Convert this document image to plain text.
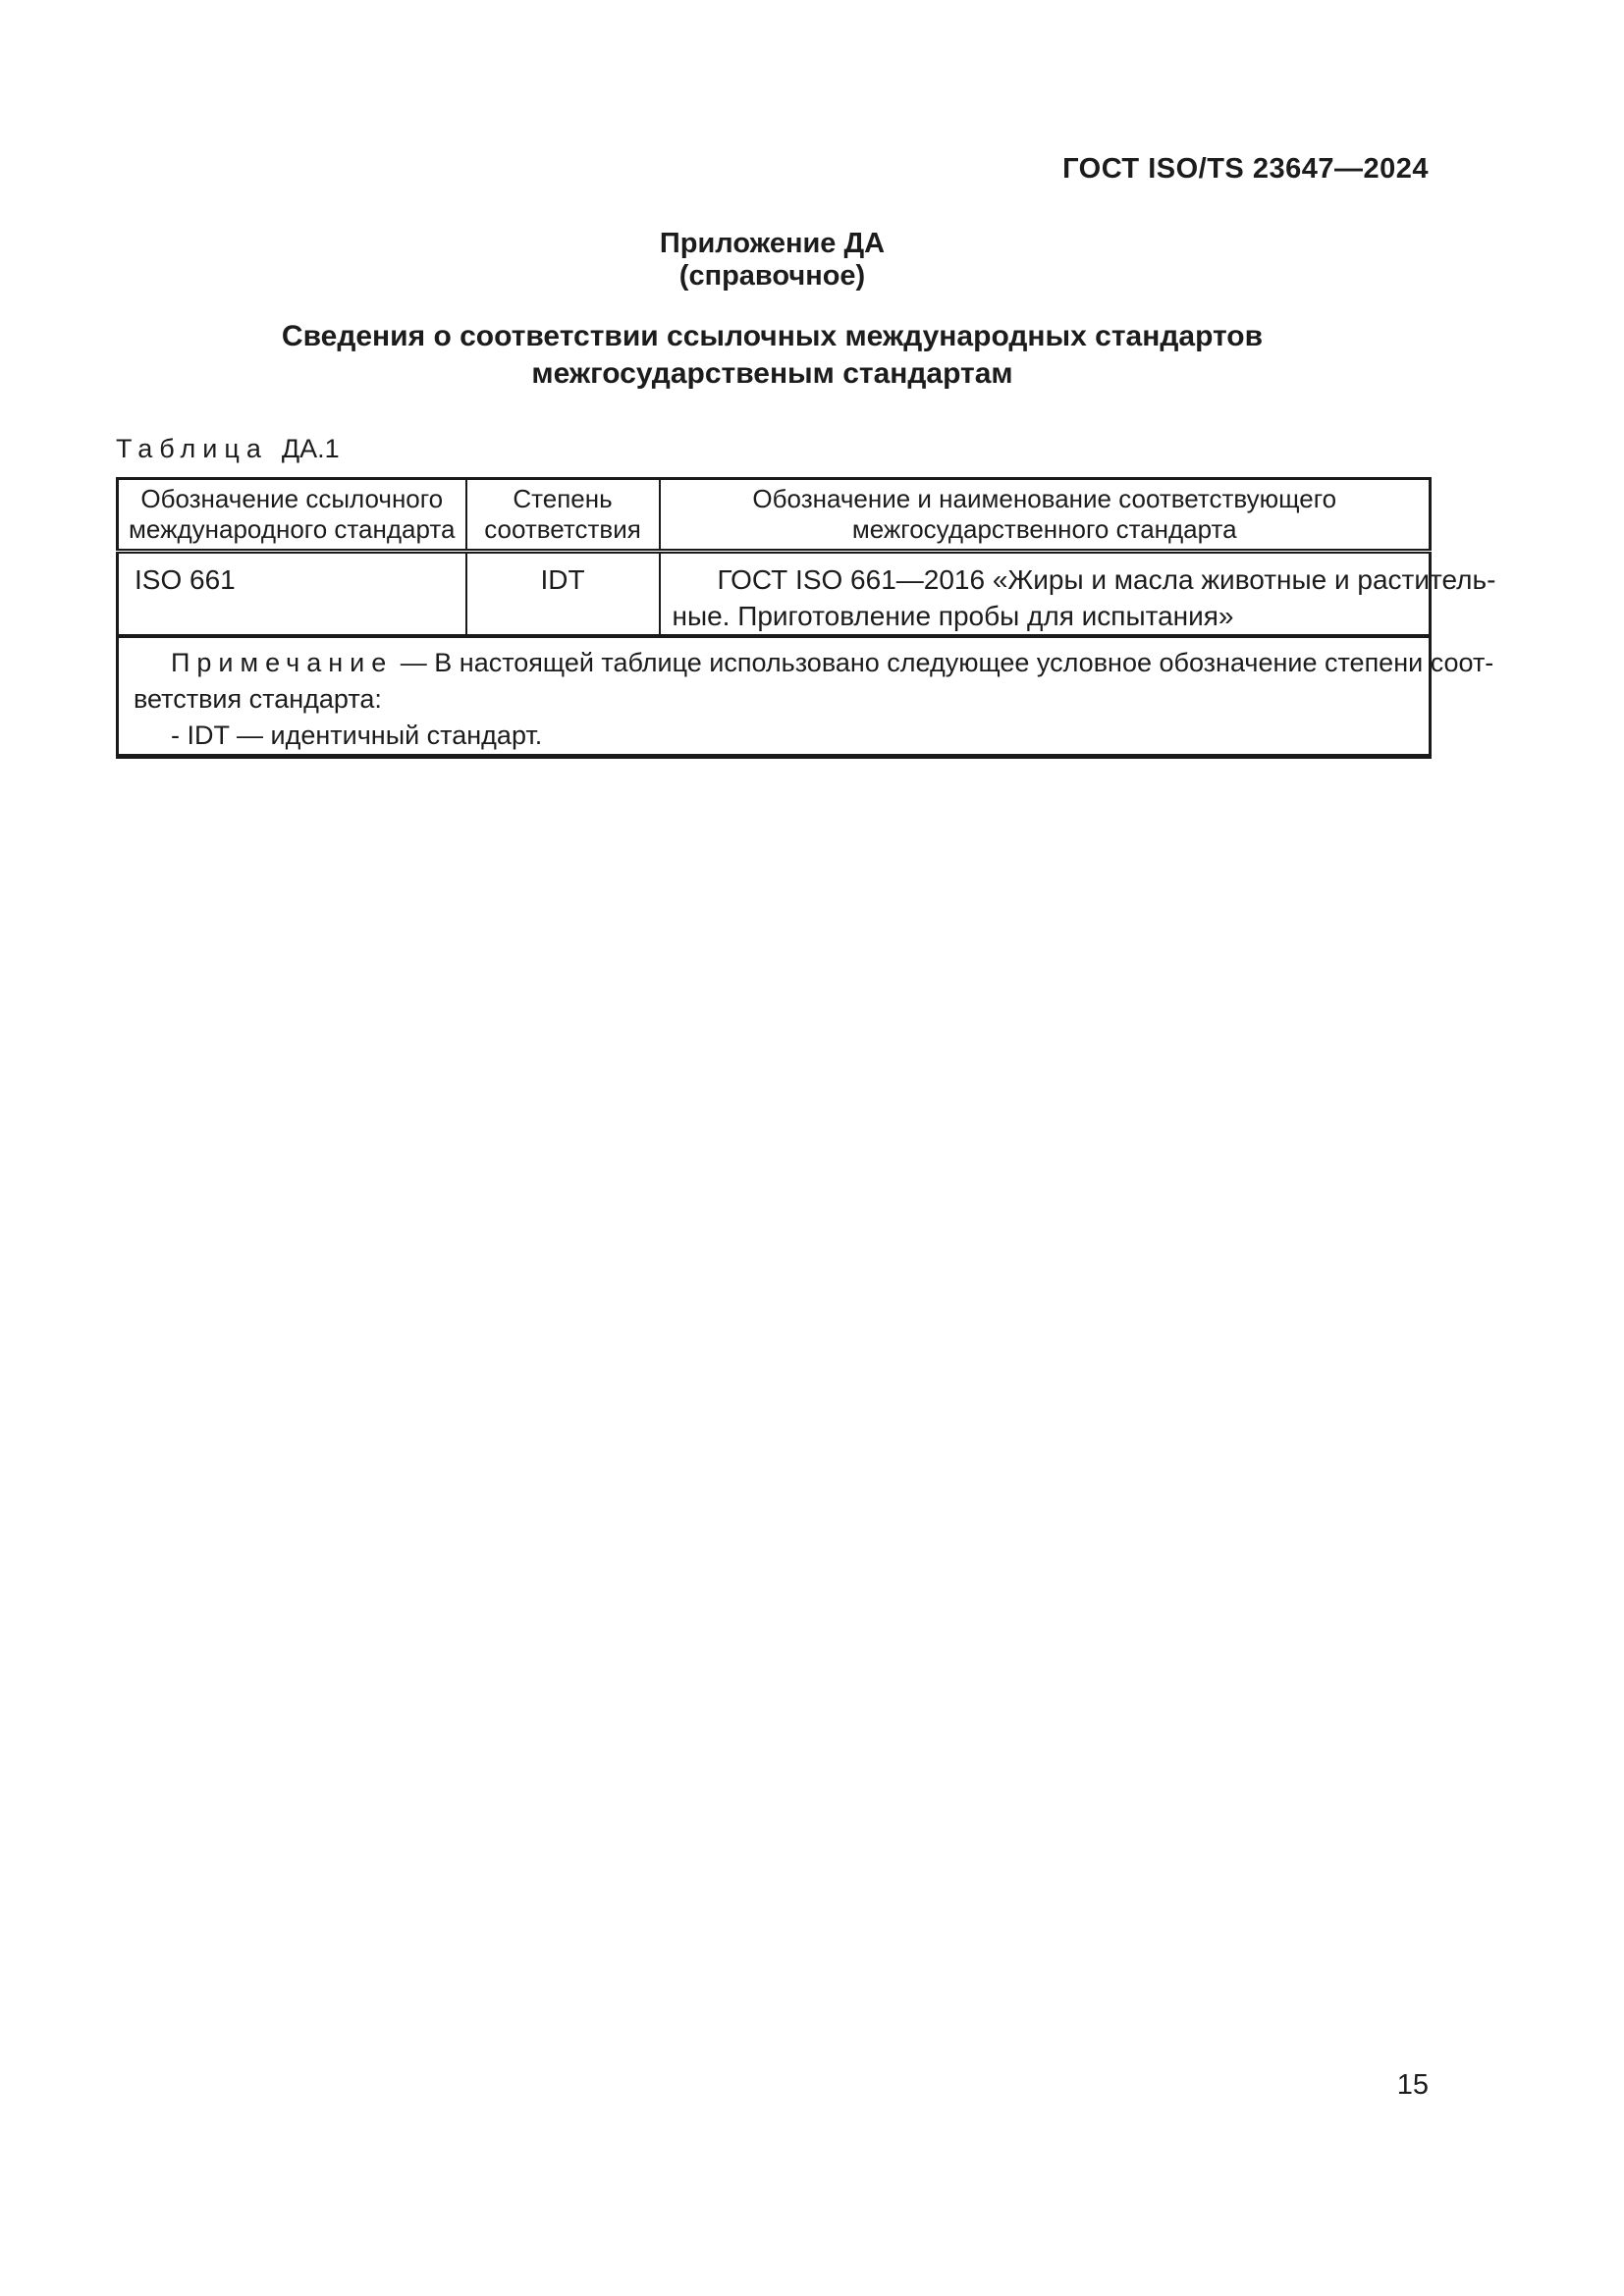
ГОСТ ISO/TS 23647—2024
Приложение ДА
(справочное)
Сведения о соответствии ссылочных международных стандартов
межгосударственым стандартам
Таблица ДА.1
Обозначение ссылочного международного стандарта	Степень соответствия	Обозначение и наименование соответствующего межгосударственного стандарта
ISO 661	IDT	ГОСТ ISO 661—2016 «Жиры и масла животные и раститель-
ные. Приготовление пробы для испытания»

Примечание — В настоящей таблице использовано следующее условное обозначение степени соот-
ветствия стандарта:
- IDT — идентичный стандарт.		
15
